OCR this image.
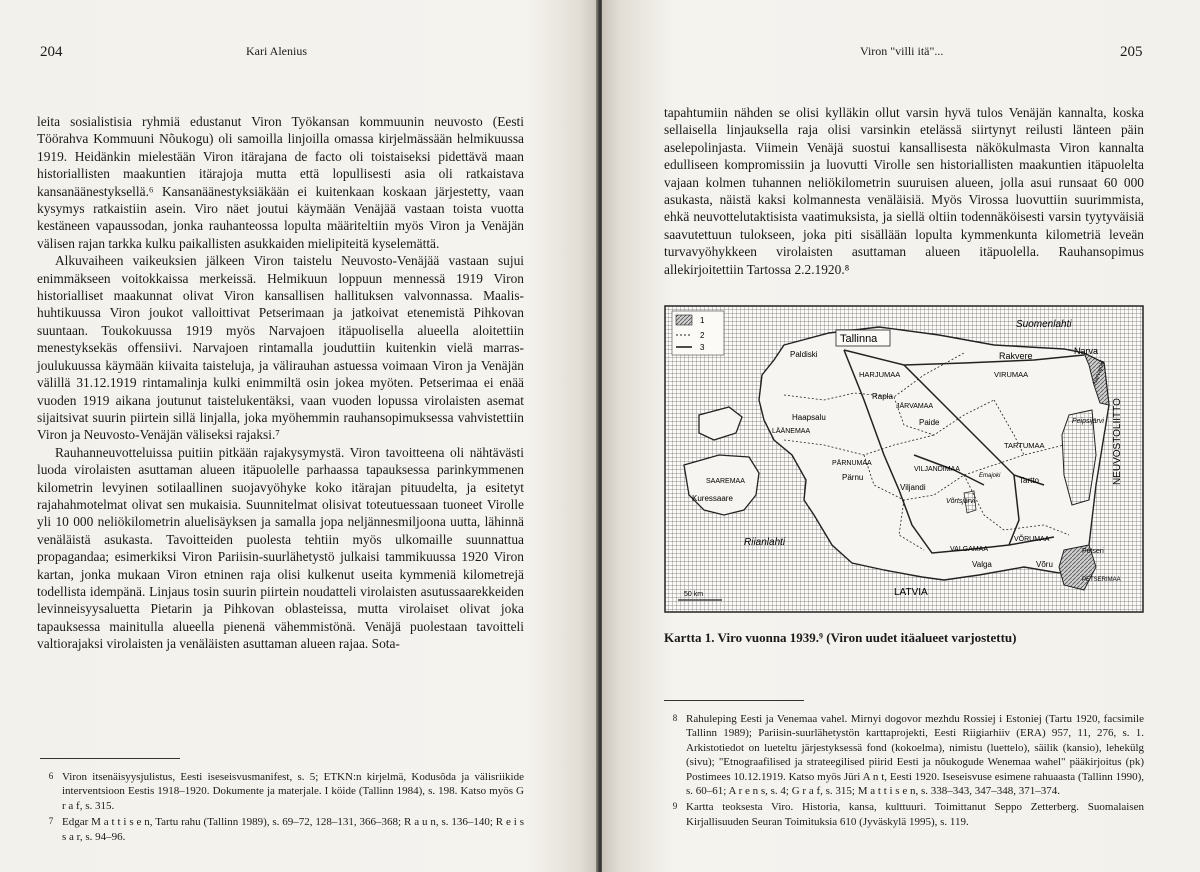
204	Kari Alenius

leita sosialistisia ryhmiä edustanut Viron Työkansan kommuunin neuvosto (Eesti Töörahva Kommuuni Nõukogu) oli samoilla linjoilla omassa kirjelmässään helmikuussa 1919. Heidänkin mielestään Viron itärajana de facto oli toistaiseksi pidettävä maan historiallisten maakuntien itärajoja mutta että lopullisesti asia oli ratkaistava kansanäänestyksellä.⁶ Kansanäänestyksiäkään ei kuitenkaan koskaan järjestetty, vaan kysymys ratkaistiin asein. Viro näet joutui käymään Venäjää vastaan toista vuotta kestäneen vapaussodan, jonka rauhanteossa lopulta määriteltiin myös Viron ja Venäjän välisen rajan tarkka kulku paikallisten asukkaiden mielipiteitä kyselemättä.

Alkuvaiheen vaikeuksien jälkeen Viron taistelu Neuvosto-Venäjää vastaan sujui enimmäkseen voitokkaissa merkeissä. Helmikuun loppuun mennessä 1919 Viron historialliset maakunnat olivat Viron kansallisen hallituksen valvonnassa. Maalis-huhtikuussa Viron joukot valloittivat Petserimaan ja jatkoivat etenemistä Pihkovan suuntaan. Toukokuussa 1919 myös Narvajoen itäpuolisella alueella aloitettiin menestyksekäs offensiivi. Narvajoen rintamalla jouduttiin kuitenkin vielä marras-joulukuussa käymään kiivaita taisteluja, ja välirauhan astuessa voimaan Viron ja Venäjän välillä 31.12.1919 rintamalinja kulki enimmiltä osin jokea myöten. Petserimaa ei enää vuoden 1919 aikana joutunut taistelukentäksi, vaan vuoden lopussa virolaisten asemat sijaitsivat suurin piirtein sillä linjalla, joka myöhemmin rauhansopimuksessa vahvistettiin Viron ja Neuvosto-Venäjän väliseksi rajaksi.⁷

Rauhanneuvotteluissa puitiin pitkään rajakysymystä. Viron tavoitteena oli nähtävästi luoda virolaisten asuttaman alueen itäpuolelle parhaassa tapauksessa parinkymmenen kilometrin levyinen sotilaallinen suojavyöhyke koko itärajan pituudelta, ja esitetyt rajahahmotelmat olivat sen mukaisia. Suunnitelmat olisivat toteutuessaan tuoneet Virolle yli 10 000 neliökilometrin aluelisäyksen ja samalla jopa neljännesmiljoona uutta, lähinnä venäläistä asukasta. Tavoitteiden puolesta tehtiin myös ulkomaille suunnattua propagandaa; esimerkiksi Viron Pariisin-suurlähetystö julkaisi tammikuussa 1920 Viron kartan, jonka mukaan Viron etninen raja olisi kulkenut useita kymmeniä kilometrejä todellista idempänä. Linjaus tosin suurin piirtein noudatteli virolaisten asutussaarekkeiden levinneisyysaluetta Pietarin ja Pihkovan oblasteissa, mutta virolaiset olivat joka tapauksessa mainitulla alueella pienenä vähemmistönä. Venäjä puolestaan tavoitteli valtiorajaksi virolaisten ja venäläisten asuttaman alueen rajaa. Sota-

6 Viron itsenäisyysjulistus, Eesti iseseisvusmanifest, s. 5; ETKN:n kirjelmä, Kodusõda ja välisriikide interventsioon Eestis 1918–1920. Dokumente ja materjale. I köide (Tallinn 1984), s. 198. Katso myös G r a f, s. 315.
7 Edgar M a t t i s e n, Tartu rahu (Tallinn 1989), s. 69–72, 128–131, 366–368; R a u n, s. 136–140; R e i s s a r, s. 94–96.
Viron "villi itä"...	205

tapahtumiin nähden se olisi kylläkin ollut varsin hyvä tulos Venäjän kannalta, koska sellaisella linjauksella raja olisi varsinkin etelässä siirtynyt reilusti länteen päin aselepolinjasta. Viimein Venäjä suostui kansallisesta näkökulmasta Viron kannalta edulliseen kompromissiin ja luovutti Virolle sen historiallisten maakuntien itäpuolelta vajaan kolmen tuhannen neliökilometrin suuruisen alueen, jolla asui runsaat 60 000 asukasta, näistä kaksi kolmannesta venäläisiä. Myös Virossa luovuttiin suurimmista, ehkä neuvottelutaktisista vaatimuksista, ja siellä oltiin todennäköisesti varsin tyytyväisiä saavutettuun tulokseen, joka piti sisällään lopulta kymmenkunta kilometriä leveän turvavyöhykkeen virolaisten asuttaman alueen itäpuolella. Rauhansopimus allekirjoitettiin Tartossa 2.2.1920.⁸

1
2
3
Suomenlahti
Riianlahti
Peipsijärvi
Võrtsjärvi
Tallinna
Paldiski	Rakvere	Narva
Haapsalu
Rapla
Paide
Pärnu
Viljandi
Tartto
Kuressaare
Valga	Võru
Petseri
Emajoki
Narvajoki
HARJUMAA	VIRUMAA
JÄRVAMAA
LÄÄNEMAA
SAAREMAA
PÄRNUMAA
VILJANDIMAA
TARTUMAA
VALGAMAA
VÕRUMAA
PETSERIMAA
LATVIA
NEUVOSTOLIITTO
50 km
Kartta 1. Viro vuonna 1939.⁹ (Viron uudet itäalueet varjostettu)
8 Rahuleping Eesti ja Venemaa vahel. Mirnyi dogovor mezhdu Rossiej i Estoniej (Tartu 1920, facsimile Tallinn 1989); Pariisin-suurlähetystön karttaprojekti, Eesti Riigiarhiiv (ERA) 957, 11, 276, s. 1. Arkistotiedot on lueteltu järjestyksessä fond (kokoelma), nimistu (luettelo), säilik (kansio), lehekülg (sivu); "Etnograafilised ja strateegilised piirid Eesti ja nõukogude Wenemaa wahel" pääkirjoitus (pk) Postimees 10.12.1919. Katso myös Jüri A n t, Eesti 1920. Iseseisvuse esimene rahuaasta (Tallinn 1990), s. 60–61; A r e n s, s. 4; G r a f, s. 315; M a t t i s e n, s. 338–343, 347–348, 371–374.
9 Kartta teoksesta Viro. Historia, kansa, kulttuuri. Toimittanut Seppo Zetterberg. Suomalaisen Kirjallisuuden Seuran Toimituksia 610 (Jyväskylä 1995), s. 119.
